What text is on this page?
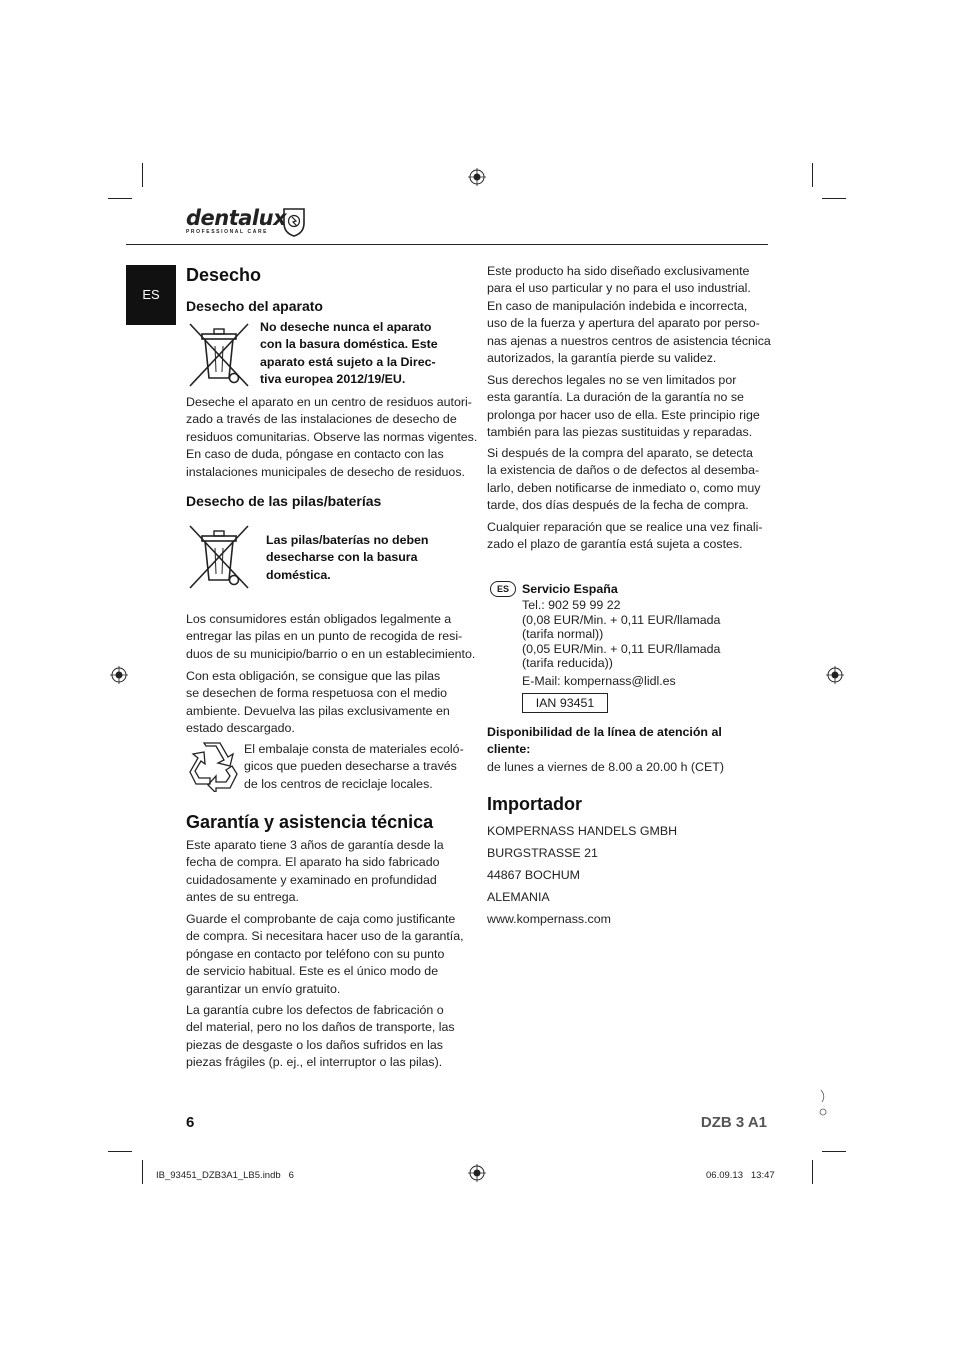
dentalux
PROFESSIONAL CARE
ES
Desecho
Desecho del aparato
No deseche nunca el aparato
con la basura doméstica. Este
aparato está sujeto a la Direc-
tiva europea 2012/19/EU.
Deseche el aparato en un centro de residuos autori-
zado a través de las instalaciones de desecho de
residuos comunitarias. Observe las normas vigentes.
En caso de duda, póngase en contacto con las
instalaciones municipales de desecho de residuos.
Desecho de las pilas/baterías
Las pilas/baterías no deben
desecharse con la basura
doméstica.
Los consumidores están obligados legalmente a
entregar las pilas en un punto de recogida de resi-
duos de su municipio/barrio o en un establecimiento.
Con esta obligación, se consigue que las pilas
se desechen de forma respetuosa con el medio
ambiente. Devuelva las pilas exclusivamente en
estado descargado.
El embalaje consta de materiales ecoló-
gicos que pueden desecharse a través
de los centros de reciclaje locales.
Garantía y asistencia técnica
Este aparato tiene 3 años de garantía desde la
fecha de compra. El aparato ha sido fabricado
cuidadosamente y examinado en profundidad
antes de su entrega.
Guarde el comprobante de caja como justificante
de compra. Si necesitara hacer uso de la garantía,
póngase en contacto por teléfono con su punto
de servicio habitual. Este es el único modo de
garantizar un envío gratuito.
La garantía cubre los defectos de fabricación o
del material, pero no los daños de transporte, las
piezas de desgaste o los daños sufridos en las
piezas frágiles (p. ej., el interruptor o las pilas).
Este producto ha sido diseñado exclusivamente
para el uso particular y no para el uso industrial.
En caso de manipulación indebida e incorrecta,
uso de la fuerza y apertura del aparato por perso-
nas ajenas a nuestros centros de asistencia técnica
autorizados, la garantía pierde su validez.
Sus derechos legales no se ven limitados por
esta garantía. La duración de la garantía no se
prolonga por hacer uso de ella. Este principio rige
también para las piezas sustituidas y reparadas.
Si después de la compra del aparato, se detecta
la existencia de daños o de defectos al desemba-
larlo, deben notificarse de inmediato o, como muy
tarde, dos días después de la fecha de compra.
Cualquier reparación que se realice una vez finali-
zado el plazo de garantía está sujeta a costes.
ES	Servicio España
Tel.: 902 59 99 22
(0,08 EUR/Min. + 0,11 EUR/llamada
(tarifa normal))
(0,05 EUR/Min. + 0,11 EUR/llamada
(tarifa reducida))
E-Mail: kompernass@lidl.es
IAN 93451
Disponibilidad de la línea de atención al
cliente:
de lunes a viernes de 8.00 a 20.00 h (CET)
Importador
KOMPERNASS HANDELS GMBH
BURGSTRASSE 21
44867 BOCHUM
ALEMANIA
www.kompernass.com
6	DZB 3 A1
IB_93451_DZB3A1_LB5.indb   6	06.09.13   13:47
